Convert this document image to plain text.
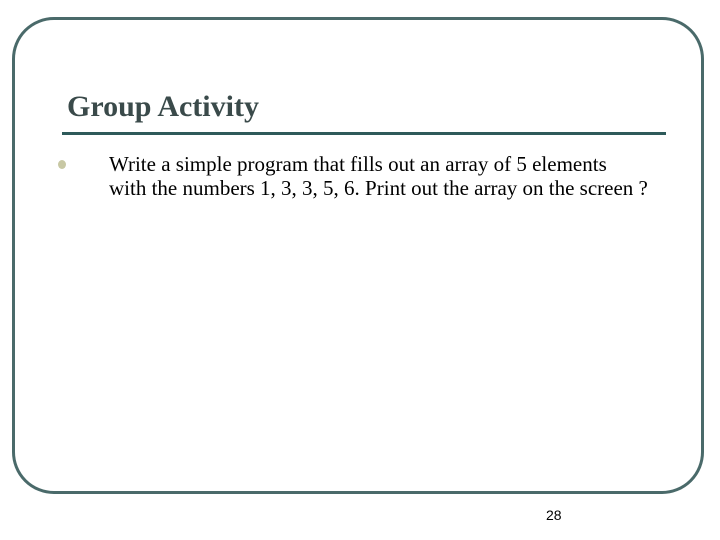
Group Activity
Write a simple program that fills out an array of 5 elements with the numbers 1, 3, 3, 5, 6. Print out the array on the screen ?
28
